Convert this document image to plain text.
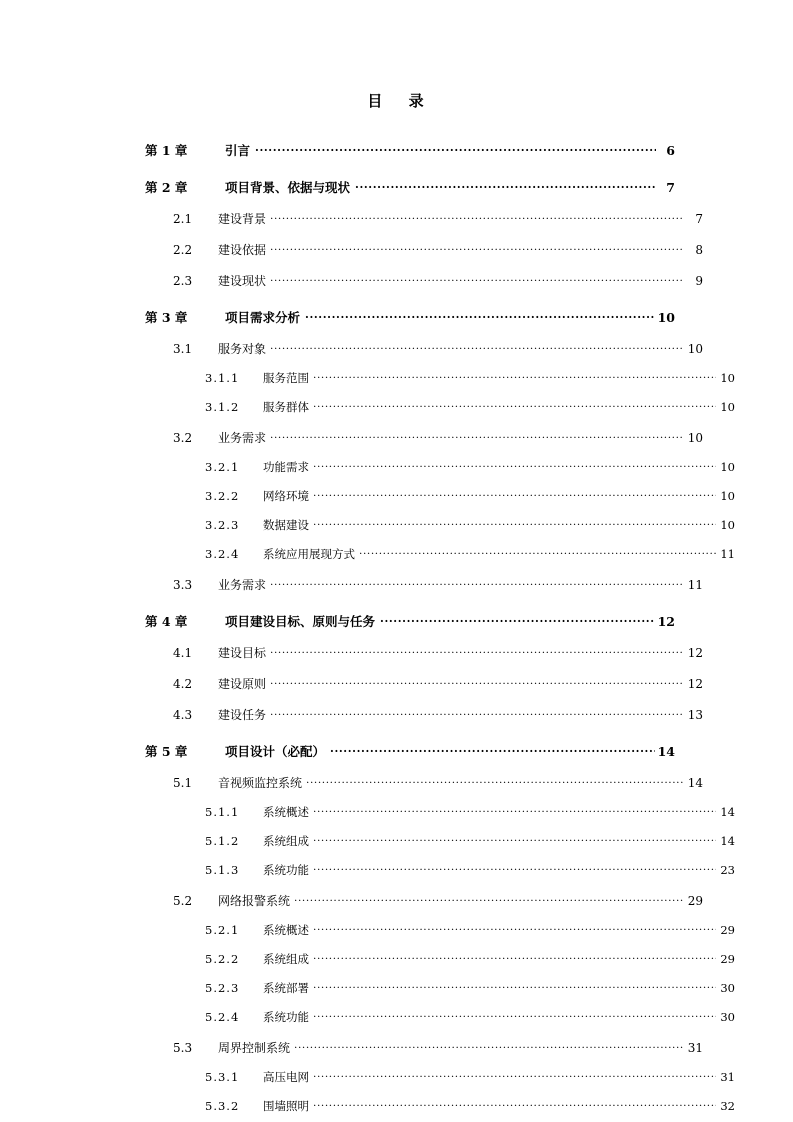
目　 录
第 1 章	引言 .....	6
第 2 章	项目背景、依据与现状 .....	7
2.1	建设背景 .....	7
2.2	建设依据 .....	8
2.3	建设现状 .....	9
第 3 章	项目需求分析 .....	10
3.1	服务对象 .....	10
3.1.1	服务范围 .....	10
3.1.2	服务群体 .....	10
3.2	业务需求 .....	10
3.2.1	功能需求 .....	10
3.2.2	网络环境 .....	10
3.2.3	数据建设 .....	10
3.2.4	系统应用展现方式 .....	11
3.3	业务需求 .....	11
第 4 章	项目建设目标、原则与任务 .....	12
4.1	建设目标 .....	12
4.2	建设原则 .....	12
4.3	建设任务 .....	13
第 5 章	项目设计（必配） .....	14
5.1	音视频监控系统 .....	14
5.1.1	系统概述 .....	14
5.1.2	系统组成 .....	14
5.1.3	系统功能 .....	23
5.2	网络报警系统 .....	29
5.2.1	系统概述 .....	29
5.2.2	系统组成 .....	29
5.2.3	系统部署 .....	30
5.2.4	系统功能 .....	30
5.3	周界控制系统 .....	31
5.3.1	高压电网 .....	31
5.3.2	围墙照明 .....	32
